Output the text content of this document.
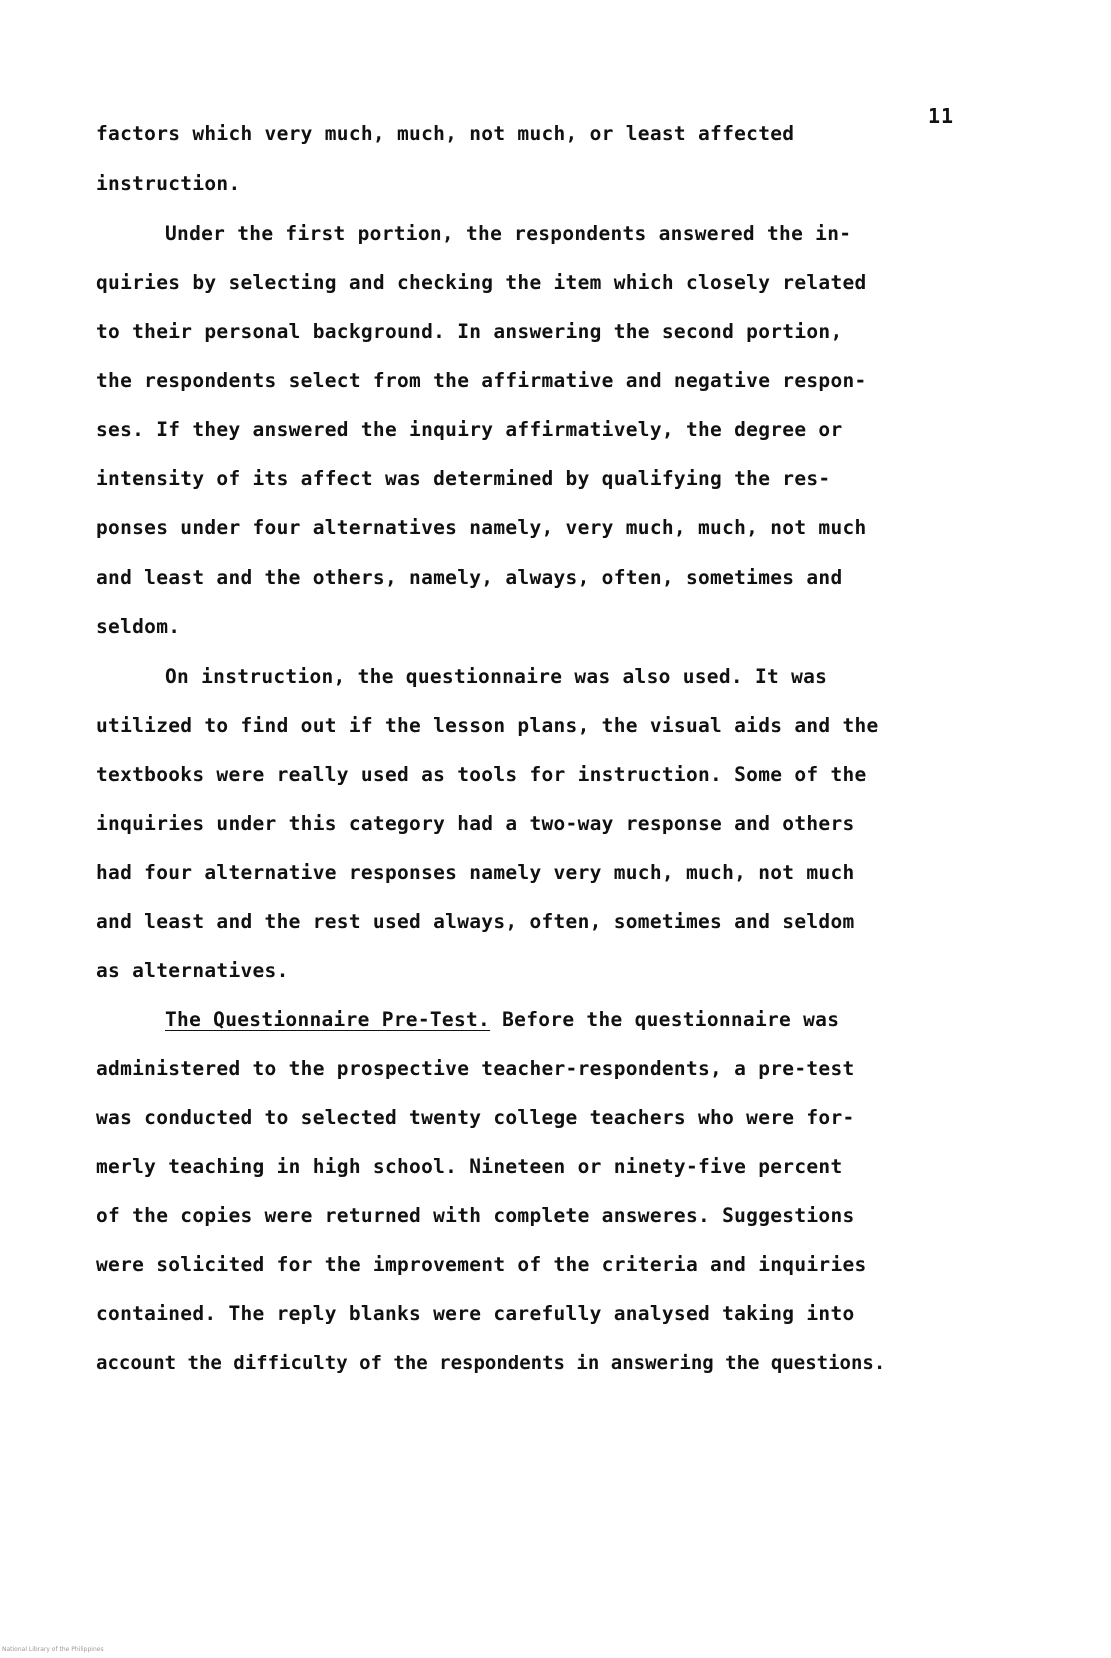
11
factors which very much, much, not much, or least affected
instruction.
Under the first portion, the respondents answered the in-
quiries by selecting and checking the item which closely related
to their personal background. In answering the second portion,
the respondents select from the affirmative and negative respon-
ses. If they answered the inquiry affirmatively, the degree or
intensity of its affect was determined by qualifying the res-
ponses under four alternatives namely, very much, much, not much
and least and the others, namely, always, often, sometimes and
seldom.
On instruction, the questionnaire was also used. It was
utilized to find out if the lesson plans, the visual aids and the
textbooks were really used as tools for instruction. Some of the
inquiries under this category had a two-way response and others
had four alternative responses namely very much, much, not much
and least and the rest used always, often, sometimes and seldom
as alternatives.
The Questionnaire Pre-Test. Before the questionnaire was
administered to the prospective teacher-respondents, a pre-test
was conducted to selected twenty college teachers who were for-
merly teaching in high school. Nineteen or ninety-five percent
of the copies were returned with complete answeres. Suggestions
were solicited for the improvement of the criteria and inquiries
contained. The reply blanks were carefully analysed taking into
account the difficulty of the respondents in answering the questions.
National Library of the Philippines
